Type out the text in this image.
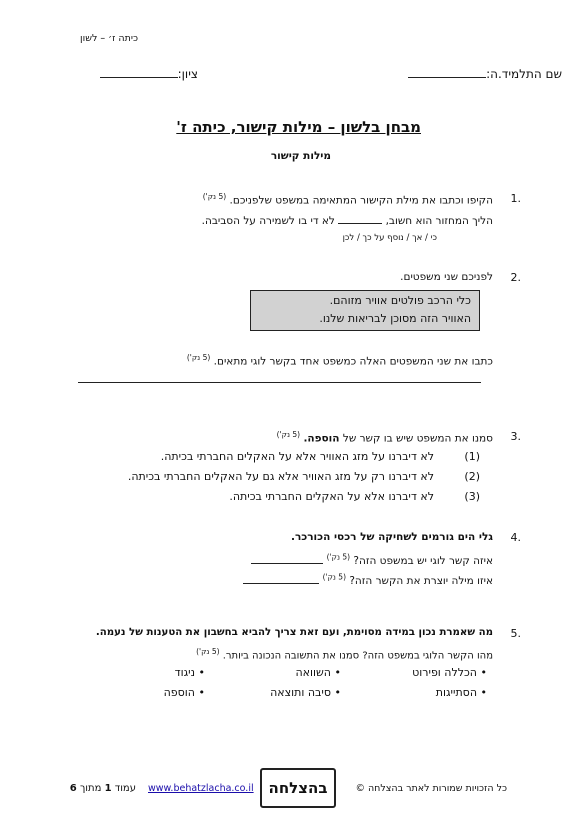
כיתה ז׳ – לשון
שם התלמיד.ה:
ציון:
מבחן בלשון – מילות קישור, כיתה ז'
מילות קישור
1.
הקיפו וכתבו את מילת הקישור המתאימה במשפט שלפניכם. $^{(5 נק')}$
הליך המחזור הוא חשוב,  לא די בו לשמירה על הסביבה.
כי / אך / נוסף על כך / לכן
2.
לפניכם שני משפטים.
כלי הרכב פולטים אוויר מזוהם.
האוויר הזה מסוכן לבריאות שלנו.
כתבו את שני המשפטים האלה כמשפט אחד בקשר לוגי מתאים. $^{(5 נק')}$
3.
סמנו את המשפט שיש בו קשר של הוספה. $^{(5 נק')}$
(1)
לא דיברנו על מזג האוויר אלא על האקלים החברתי בכיתה.
(2)
לא דיברנו רק על מזג האוויר אלא גם על האקלים החברתי בכיתה.
(3)
לא דיברנו אלא על האקלים החברתי בכיתה.
4.
גלי הים גורמים לשחיקה של רכסי הכורכר.
איזה קשר לוגי יש במשפט הזה? $^{(5 נק')}$
איזו מילה יוצרת את הקשר הזה? $^{(5 נק')}$
5.
מה שאמרת נכון במידה מסוימת, ועם זאת צריך להביא בחשבון את הטענות של נעמה.
מהו הקשר הלוגי במשפט הזה? סמנו את התשובה הנכונה ביותר. $^{(5 נק')}$
• הכללה ופירוט
• השוואה
• ניגוד
• הסתייגות
• סיבה ותוצאה
• הוספה
כל הזכויות שמורות לאתר בהצלחה ©
בהצלחה
www.behatzlacha.co.il
עמוד 1 מתוך 6
